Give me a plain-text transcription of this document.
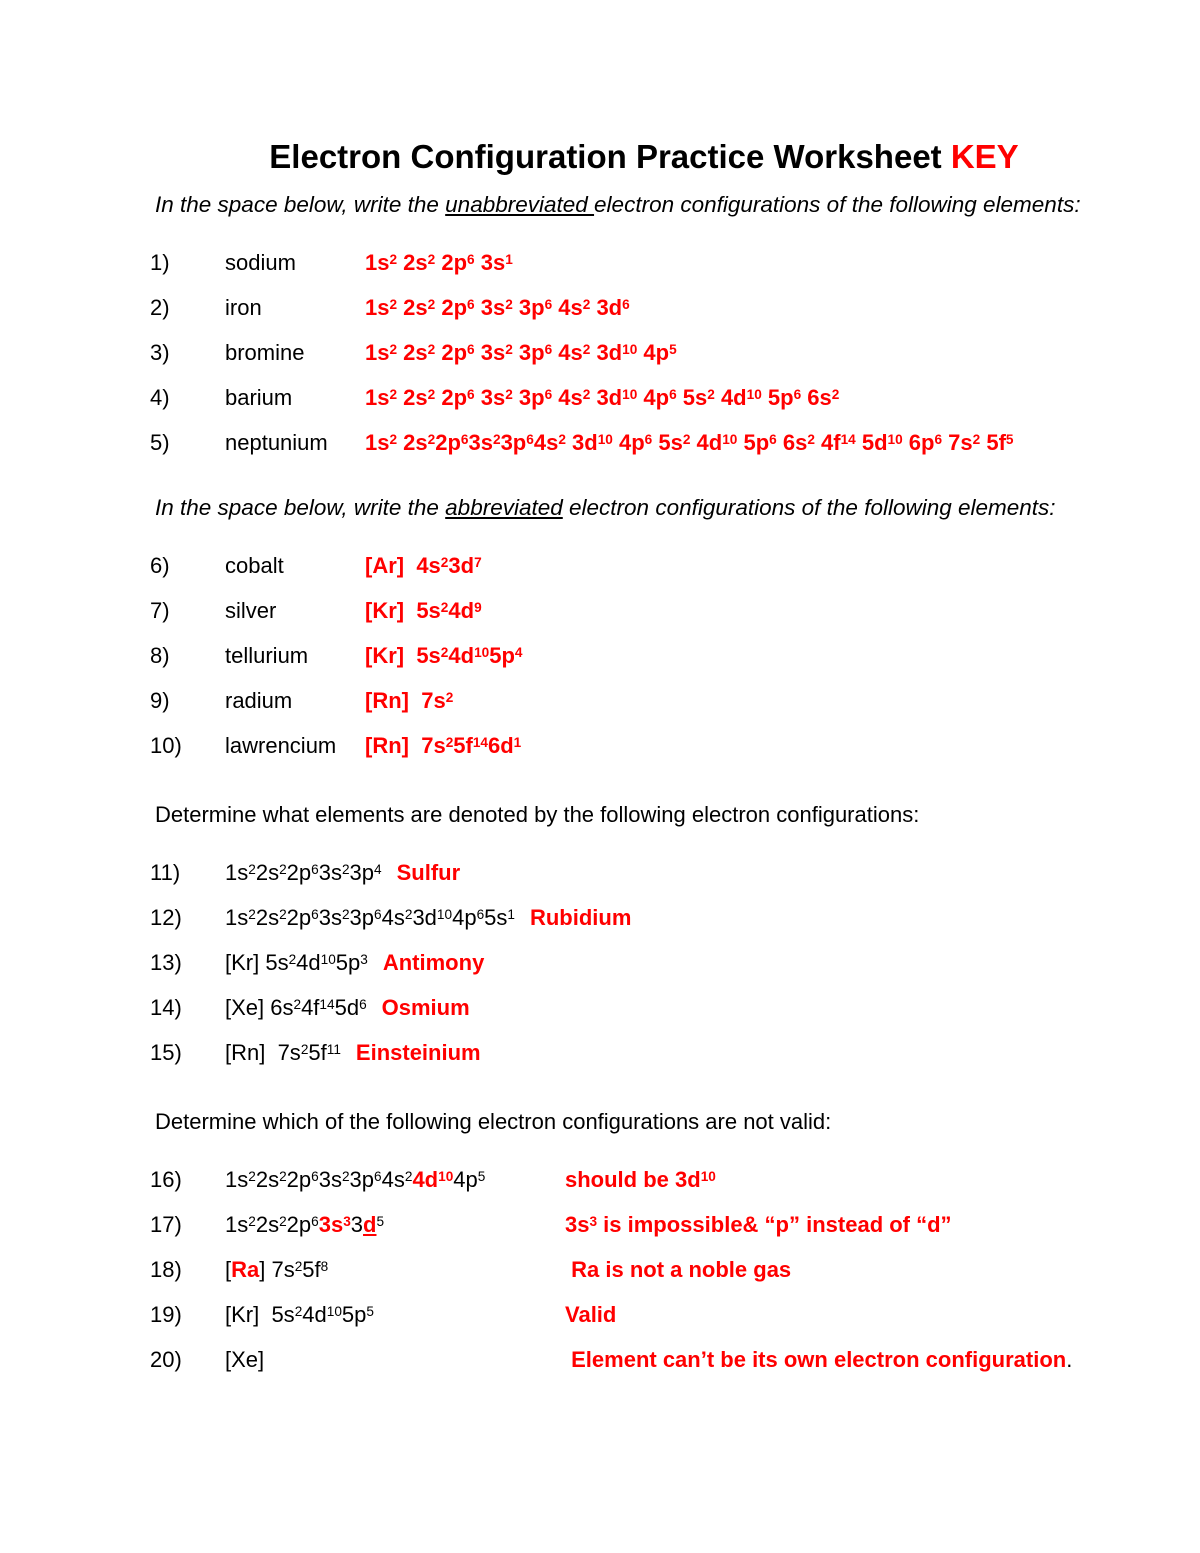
Electron Configuration Practice Worksheet KEY

In the space below, write the unabbreviated electron configurations of the following elements:

1)	sodium	$1s^2$ $2s^2$ $2p^6$ $3s^1$
2)	iron	$1s^2$ $2s^2$ $2p^6$ $3s^2$ $3p^6$ $4s^2$ $3d^6$
3)	bromine	$1s^2$ $2s^2$ $2p^6$ $3s^2$ $3p^6$ $4s^2$ $3d^{10}$ $4p^5$
4)	barium	$1s^2$ $2s^2$ $2p^6$ $3s^2$ $3p^6$ $4s^2$ $3d^{10}$ $4p^6$ $5s^2$ $4d^{10}$ $5p^6$ $6s^2$
5)	neptunium	$1s^2$ $2s^22p^63s^23p^64s^2$ $3d^{10}$ $4p^6$ $5s^2$ $4d^{10}$ $5p^6$ $6s^2$ $4f^{14}$ $5d^{10}$ $6p^6$ $7s^2$ $5f^5$

In the space below, write the abbreviated electron configurations of the following elements:

6)	cobalt	[Ar]  $4s^23d^7$
7)	silver	[Kr]  $5s^24d^9$
8)	tellurium	[Kr]  $5s^24d^{10}5p^4$
9)	radium	[Rn]  $7s^2$
10)	lawrencium	[Rn]  $7s^25f^{14}6d^1$

Determine what elements are denoted by the following electron configurations:

11)	$1s^22s^22p^63s^23p^4$ Sulfur
12)	$1s^22s^22p^63s^23p^64s^23d^{10}4p^65s^1$ Rubidium
13)	[Kr] $5s^24d^{10}5p^3$ Antimony
14)	[Xe] $6s^24f^{14}5d^6$ Osmium
15)	[Rn]  $7s^25f^{11}$ Einsteinium

Determine which of the following electron configurations are not valid:

16)	$1s^22s^22p^63s^23p^64s^24d^{10}4p^5$	should be $3d^{10}$
17)	$1s^22s^22p^63s^33d^5$	$3s^3$ is impossible& “p” instead of “d”
18)	[Ra] $7s^25f^8$	Ra is not a noble gas
19)	[Kr]  $5s^24d^{10}5p^5$	Valid
20)	[Xe]	Element can’t be its own electron configuration.
